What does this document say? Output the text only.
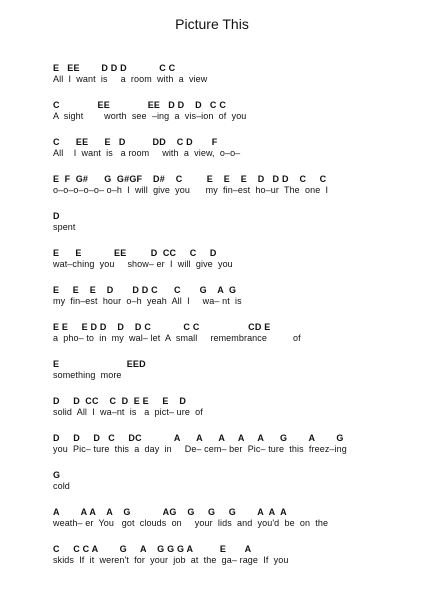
Picture This
E   EE        D D D            C C
All  I  want  is     a  room  with  a  view
C              EE              EE   D D    D   C C
A  sight        worth  see  –ing  a  vis–ion  of  you
C      EE      E   D          DD    C D       F
All    I  want  is   a room     with  a  view,  o–o–
E  F  G#      G  G#GF    D#    C         E    E    E    D   D D    C     C
o–o–o–o–o– o–h  I  will  give  you      my  fin–est  ho–ur  The  one  I
D
spent
E      E            EE         D  CC     C     D
wat–ching  you     show– er  I  will  give  you
E     E    E    D       D D C      C       G    A  G
my  fin–est  hour  o–h  yeah  All  I     wa– nt  is
E E     E D D    D    D C            C C                  CD E
a  pho– to  in  my  wal– let  A  small     remembrance          of
E                         EED
something  more
D     D  CC    C  D  E E     E    D
solid  All  I  wa–nt  is   a  pict– ure  of
D     D     D   C     DC            A      A      A     A     A      G        A        G
you  Pic– ture  this  a  day  in     De– cem– ber  Pic– ture  this  freez–ing
G
cold
A        A A    A    G            AG    G     G     G        A  A  A
weath– er  You   got  clouds  on     your  lids  and  you'd  be  on  the
C     C C A        G     A    G G G A          E       A
skids  If  it  weren't  for  your  job  at  the  ga– rage  If  you
